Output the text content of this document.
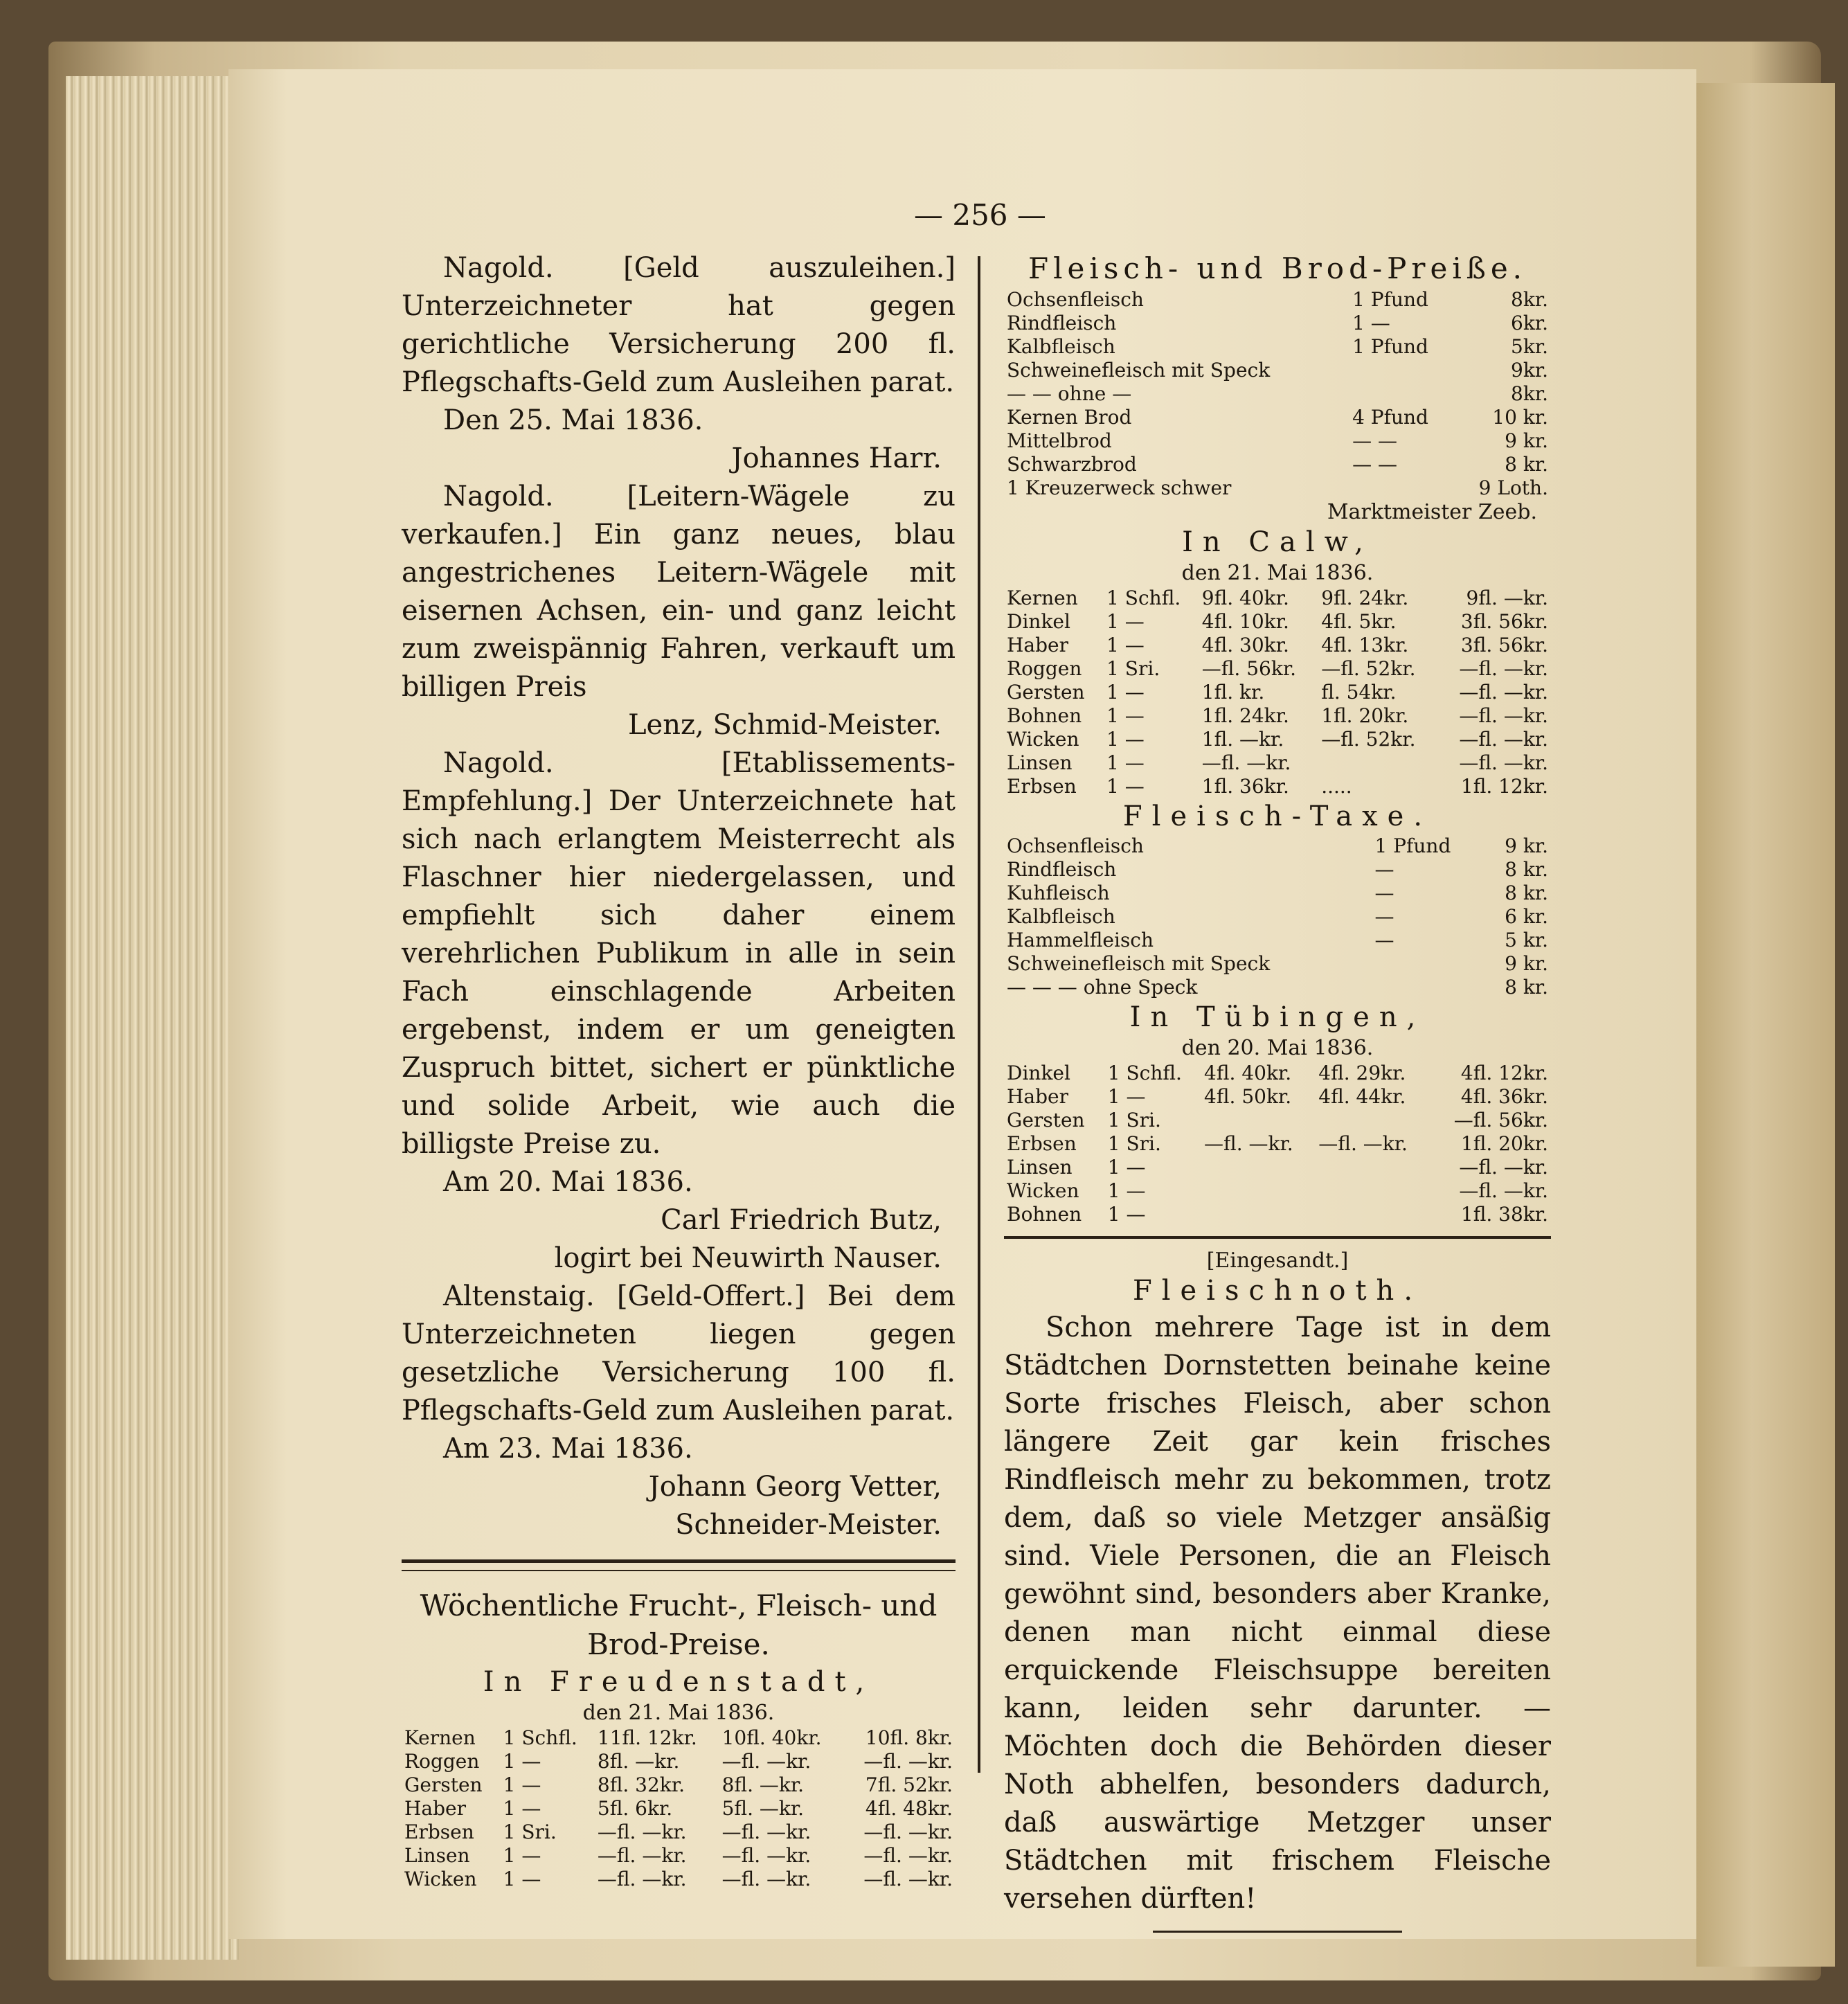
— 256 —

Nagold. [Geld auszuleihen.] Unterzeichneter hat gegen gerichtliche Versicherung 200 fl. Pflegschafts-Geld zum Ausleihen parat.

Den 25. Mai 1836.

Johannes Harr.

Nagold. [Leitern-Wägele zu verkaufen.] Ein ganz neues, blau angestrichenes Leitern-Wägele mit eisernen Achsen, ein- und ganz leicht zum zweispännig Fahren, verkauft um billigen Preis

Lenz, Schmid-Meister.

Nagold. [Etablissements-Empfehlung.] Der Unterzeichnete hat sich nach erlangtem Meisterrecht als Flaschner hier niedergelassen, und empfiehlt sich daher einem verehrlichen Publikum in alle in sein Fach einschlagende Arbeiten ergebenst, indem er um geneigten Zuspruch bittet, sichert er pünktliche und solide Arbeit, wie auch die billigste Preise zu.

Am 20. Mai 1836.

Carl Friedrich Butz,

logirt bei Neuwirth Nauser.

Altenstaig. [Geld-Offert.] Bei dem Unterzeichneten liegen gegen gesetzliche Versicherung 100 fl. Pflegschafts-Geld zum Ausleihen parat.

Am 23. Mai 1836.

Johann Georg Vetter,

Schneider-Meister.

Wöchentliche Frucht-, Fleisch- und Brod-Preise.

In Freudenstadt,

den 21. Mai 1836.

Kernen	1 Schfl.	11fl. 12kr.	10fl. 40kr.	10fl. 8kr.
Roggen	1 —	8fl. —kr.	—fl. —kr.	—fl. —kr.
Gersten	1 —	8fl. 32kr.	8fl. —kr.	7fl. 52kr.
Haber	1 —	5fl. 6kr.	5fl. —kr.	4fl. 48kr.
Erbsen	1 Sri.	—fl. —kr.	—fl. —kr.	—fl. —kr.
Linsen	1 —	—fl. —kr.	—fl. —kr.	—fl. —kr.
Wicken	1 —	—fl. —kr.	—fl. —kr.	—fl. —kr.

Fleisch- und Brod-Preiße.

Ochsenfleisch	1 Pfund	8kr.
Rindfleisch	1 —	6kr.
Kalbfleisch	1 Pfund	5kr.
Schweinefleisch mit Speck		9kr.
— — ohne —		8kr.
Kernen Brod	4 Pfund	10 kr.
Mittelbrod	— —	9 kr.
Schwarzbrod	— —	8 kr.
1 Kreuzerweck schwer		9 Loth.

Marktmeister Zeeb.

In Calw,

den 21. Mai 1836.

Kernen	1 Schfl.	9fl. 40kr.	9fl. 24kr.	9fl. —kr.
Dinkel	1 —	4fl. 10kr.	4fl. 5kr.	3fl. 56kr.
Haber	1 —	4fl. 30kr.	4fl. 13kr.	3fl. 56kr.
Roggen	1 Sri.	—fl. 56kr.	—fl. 52kr.	—fl. —kr.
Gersten	1 —	1fl. kr.	fl. 54kr.	—fl. —kr.
Bohnen	1 —	1fl. 24kr.	1fl. 20kr.	—fl. —kr.
Wicken	1 —	1fl. —kr.	—fl. 52kr.	—fl. —kr.
Linsen	1 —	—fl. —kr.		—fl. —kr.
Erbsen	1 —	1fl. 36kr.	.....	1fl. 12kr.

Fleisch-Taxe.

Ochsenfleisch	1 Pfund	9 kr.
Rindfleisch	—	8 kr.
Kuhfleisch	—	8 kr.
Kalbfleisch	—	6 kr.
Hammelfleisch	—	5 kr.
Schweinefleisch mit Speck		9 kr.
— — — ohne Speck		8 kr.

In Tübingen,

den 20. Mai 1836.

Dinkel	1 Schfl.	4fl. 40kr.	4fl. 29kr.	4fl. 12kr.
Haber	1 —	4fl. 50kr.	4fl. 44kr.	4fl. 36kr.
Gersten	1 Sri.			—fl. 56kr.
Erbsen	1 Sri.	—fl. —kr.	—fl. —kr.	1fl. 20kr.
Linsen	1 —			—fl. —kr.
Wicken	1 —			—fl. —kr.
Bohnen	1 —			1fl. 38kr.

[Eingesandt.]

Fleischnoth.

Schon mehrere Tage ist in dem Städtchen Dornstetten beinahe keine Sorte frisches Fleisch, aber schon längere Zeit gar kein frisches Rindfleisch mehr zu bekommen, trotz dem, daß so viele Metzger ansäßig sind. Viele Personen, die an Fleisch gewöhnt sind, besonders aber Kranke, denen man nicht einmal diese erquickende Fleischsuppe bereiten kann, leiden sehr darunter. — Möchten doch die Behörden dieser Noth abhelfen, besonders dadurch, daß auswärtige Metzger unser Städtchen mit frischem Fleische versehen dürften!
